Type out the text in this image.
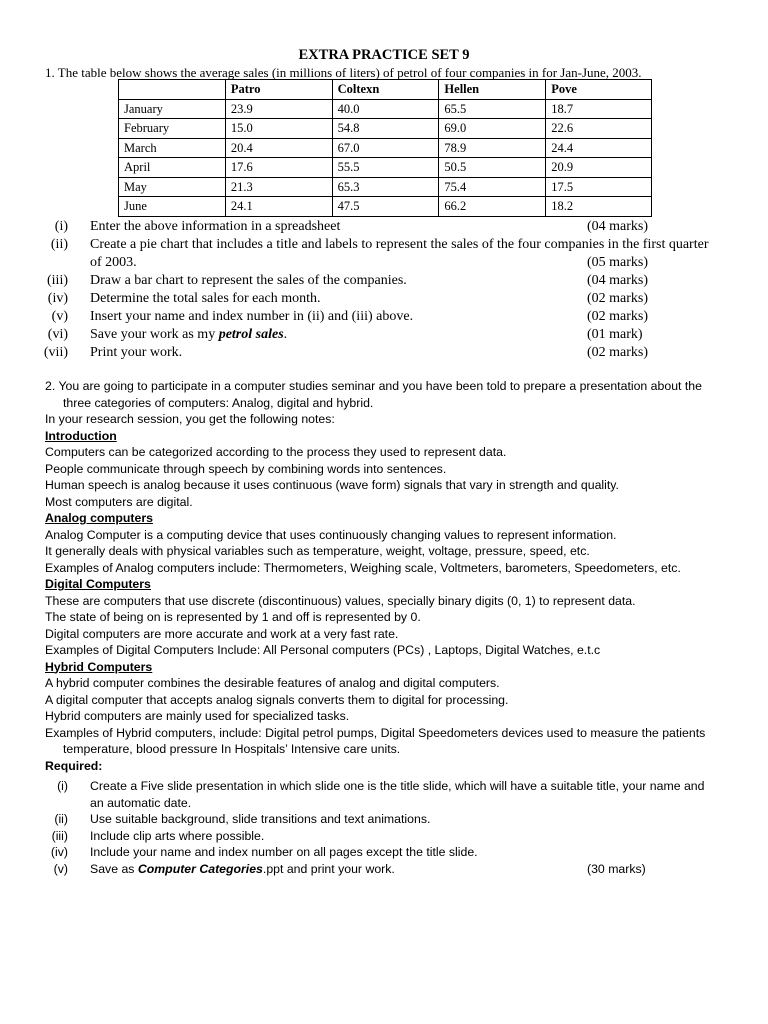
EXTRA PRACTICE SET 9
1. The table below shows the average sales (in millions of liters) of petrol of four companies in for Jan-June, 2003.
	Patro	Coltexn	Hellen	Pove
January	23.9	40.0	65.5	18.7
February	15.0	54.8	69.0	22.6
March	20.4	67.0	78.9	24.4
April	17.6	55.5	50.5	20.9
May	21.3	65.3	75.4	17.5
June	24.1	47.5	66.2	18.2
(i) Enter the above information in a spreadsheet	(04 marks)
(ii) Create a pie chart that includes a title and labels to represent the sales of the four companies in the first quarter of 2003.	(05 marks)
(iii) Draw a bar chart to represent the sales of the companies.	(04 marks)
(iv) Determine the total sales for each month.	(02 marks)
(v) Insert your name and index number in (ii) and (iii) above.	(02 marks)
(vi) Save your work as my petrol sales.	(01 mark)
(vii) Print your work.	(02 marks)

2. You are going to participate in a computer studies seminar and you have been told to prepare a presentation about the three categories of computers: Analog, digital and hybrid.

In your research session, you get the following notes:

Introduction

Computers can be categorized according to the process they used to represent data.

People communicate through speech by combining words into sentences.

Human speech is analog because it uses continuous (wave form) signals that vary in strength and quality.

Most computers are digital.

Analog computers

Analog Computer is a computing device that uses continuously changing values to represent information.

It generally deals with physical variables such as temperature, weight, voltage, pressure, speed, etc.

Examples of Analog computers include: Thermometers, Weighing scale, Voltmeters, barometers, Speedometers, etc.

Digital Computers

These are computers that use discrete (discontinuous) values, specially binary digits (0, 1) to represent data.

The state of being on is represented by 1 and off is represented by 0.

Digital computers are more accurate and work at a very fast rate.

Examples of Digital Computers Include: All Personal computers (PCs) , Laptops, Digital Watches, e.t.c

Hybrid Computers

A hybrid computer combines the desirable features of analog and digital computers.

A digital computer that accepts analog signals converts them to digital for processing.

Hybrid computers are mainly used for specialized tasks.

Examples of Hybrid computers, include: Digital petrol pumps, Digital Speedometers devices used to measure the patients temperature, blood pressure In Hospitals’ Intensive care units.

Required:

(i) Create a Five slide presentation in which slide one is the title slide, which will have a suitable title, your name and an automatic date.
(ii) Use suitable background, slide transitions and text animations.
(iii) Include clip arts where possible.
(iv) Include your name and index number on all pages except the title slide.
(v) Save as Computer Categories.ppt and print your work.	(30 marks)
